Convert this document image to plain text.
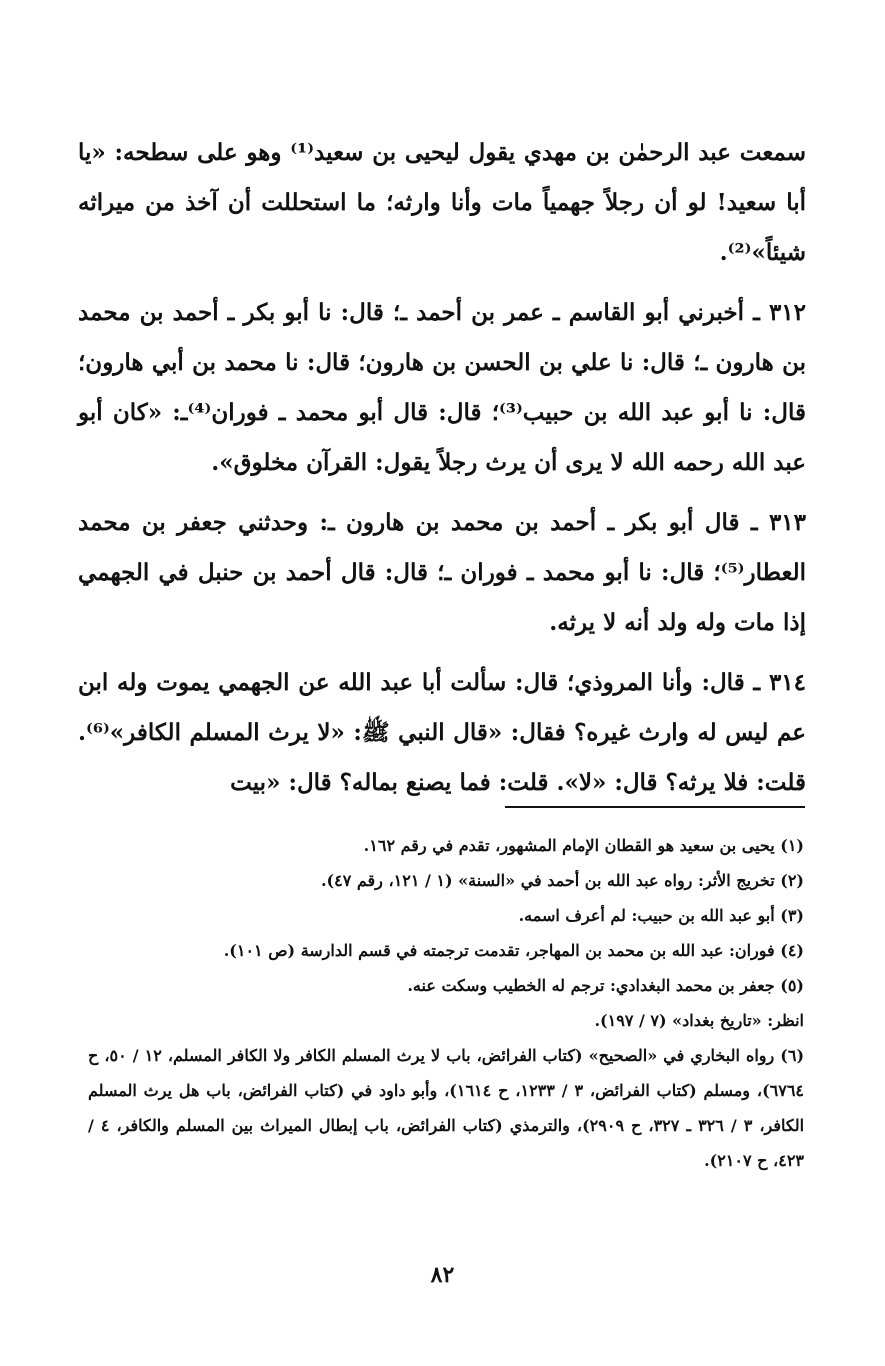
سمعت عبد الرحمٰن بن مهدي يقول ليحيى بن سعيد⁽¹⁾ وهو على سطحه: «يا أبا سعيد! لو أن رجلاً جهمياً مات وأنا وارثه؛ ما استحللت أن آخذ من ميراثه شيئاً»⁽²⁾.

٣١٢ ـ أخبرني أبو القاسم ـ عمر بن أحمد ـ؛ قال: نا أبو بكر ـ أحمد بن محمد بن هارون ـ؛ قال: نا علي بن الحسن بن هارون؛ قال: نا محمد بن أبي هارون؛ قال: نا أبو عبد الله بن حبيب⁽³⁾؛ قال: قال أبو محمد ـ فوران⁽⁴⁾ـ: «كان أبو عبد الله رحمه الله لا يرى أن يرث رجلاً يقول: القرآن مخلوق».

٣١٣ ـ قال أبو بكر ـ أحمد بن محمد بن هارون ـ: وحدثني جعفر بن محمد العطار⁽⁵⁾؛ قال: نا أبو محمد ـ فوران ـ؛ قال: قال أحمد بن حنبل في الجهمي إذا مات وله ولد أنه لا يرثه.

٣١٤ ـ قال: وأنا المروذي؛ قال: سألت أبا عبد الله عن الجهمي يموت وله ابن عم ليس له وارث غيره؟ فقال: «قال النبي ﷺ: «لا يرث المسلم الكافر»⁽⁶⁾. قلت: فلا يرثه؟ قال: «لا». قلت: فما يصنع بماله؟ قال: «بيت

(١) يحيى بن سعيد هو القطان الإمام المشهور، تقدم في رقم ١٦٢.

(٢) تخريج الأثر: رواه عبد الله بن أحمد في «السنة» (١ / ١٢١، رقم ٤٧).

(٣) أبو عبد الله بن حبيب: لم أعرف اسمه.

(٤) فوران: عبد الله بن محمد بن المهاجر، تقدمت ترجمته في قسم الدارسة (ص ١٠١).

(٥) جعفر بن محمد البغدادي: ترجم له الخطيب وسكت عنه.

انظر: «تاريخ بغداد» (٧ / ١٩٧).

(٦) رواه البخاري في «الصحيح» (كتاب الفرائض، باب لا يرث المسلم الكافر ولا الكافر المسلم، ١٢ / ٥٠، ح ٦٧٦٤)، ومسلم (كتاب الفرائض، ٣ / ١٢٣٣، ح ١٦١٤)، وأبو داود في (كتاب الفرائض، باب هل يرث المسلم الكافر، ٣ / ٣٢٦ ـ ٣٢٧، ح ٢٩٠٩)، والترمذي (كتاب الفرائض، باب إبطال الميراث بين المسلم والكافر، ٤ / ٤٢٣، ح ٢١٠٧).

٨٢
